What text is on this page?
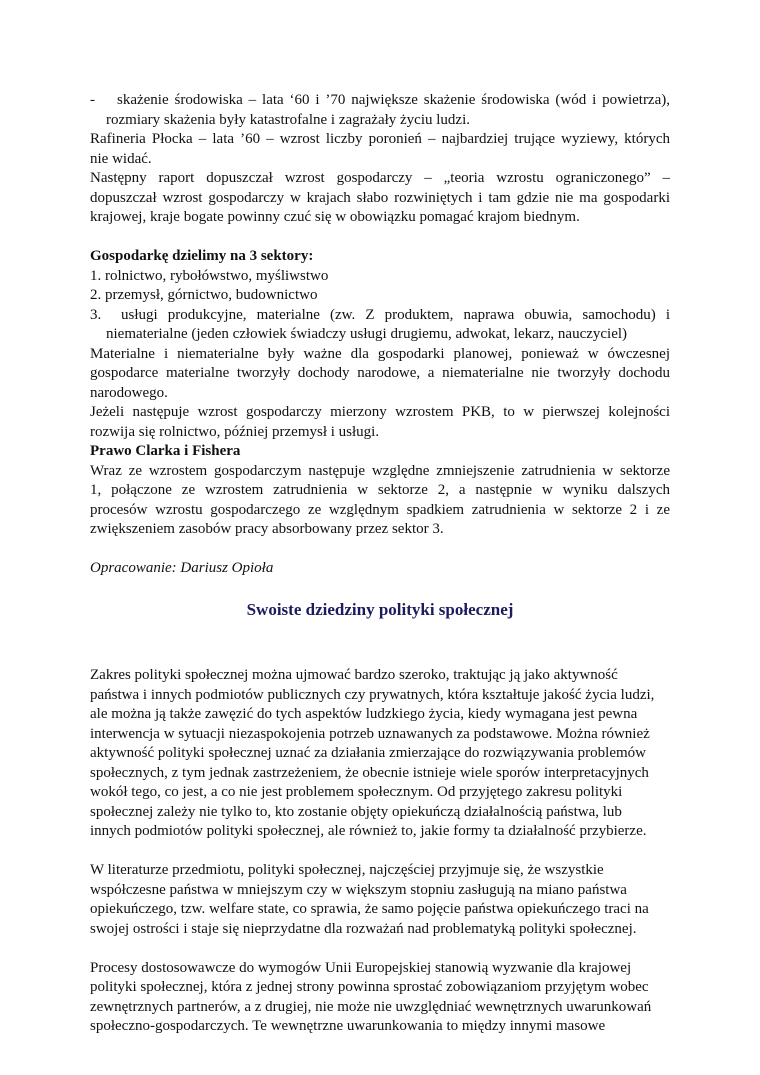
-	skażenie środowiska – lata ‘60 i ’70 największe skażenie środowiska (wód i powietrza),
rozmiary skażenia były katastrofalne i zagrażały życiu ludzi.
Rafineria Płocka – lata ’60 – wzrost liczby poronień – najbardziej trujące wyziewy, których
nie widać.
Następny raport dopuszczał wzrost gospodarczy – „teoria wzrostu ograniczonego” –
dopuszczał wzrost gospodarczy w krajach słabo rozwiniętych i tam gdzie nie ma gospodarki
krajowej, kraje bogate powinny czuć się w obowiązku pomagać krajom biednym.
Gospodarkę dzielimy na 3 sektory:
1. rolnictwo, rybołówstwo, myśliwstwo
2. przemysł, górnictwo, budownictwo
3.	usługi produkcyjne, materialne (zw. Z produktem, naprawa obuwia, samochodu) i
niematerialne (jeden człowiek świadczy usługi drugiemu, adwokat, lekarz, nauczyciel)
Materialne i niematerialne były ważne dla gospodarki planowej, ponieważ w ówczesnej
gospodarce materialne tworzyły dochody narodowe, a niematerialne nie tworzyły dochodu
narodowego.
Jeżeli następuje wzrost gospodarczy mierzony wzrostem PKB, to w pierwszej kolejności
rozwija się rolnictwo, później przemysł i usługi.
Prawo Clarka i Fishera
Wraz ze wzrostem gospodarczym następuje względne zmniejszenie zatrudnienia w sektorze
1, połączone ze wzrostem zatrudnienia w sektorze 2, a następnie w wyniku dalszych
procesów wzrostu gospodarczego ze względnym spadkiem zatrudnienia w sektorze 2 i ze
zwiększeniem zasobów pracy absorbowany przez sektor 3.
Opracowanie: Dariusz Opioła
Swoiste dziedziny polityki społecznej
Zakres polityki społecznej można ujmować bardzo szeroko, traktując ją jako aktywność
państwa i innych podmiotów publicznych czy prywatnych, która kształtuje jakość życia ludzi,
ale można ją także zawęzić do tych aspektów ludzkiego życia, kiedy wymagana jest pewna
interwencja w sytuacji niezaspokojenia potrzeb uznawanych za podstawowe. Można również
aktywność polityki społecznej uznać za działania zmierzające do rozwiązywania problemów
społecznych, z tym jednak zastrzeżeniem, że obecnie istnieje wiele sporów interpretacyjnych
wokół tego, co jest, a co nie jest problemem społecznym. Od przyjętego zakresu polityki
społecznej zależy nie tylko to, kto zostanie objęty opiekuńczą działalnością państwa, lub
innych podmiotów polityki społecznej, ale również to, jakie formy ta działalność przybierze.
W literaturze przedmiotu, polityki społecznej, najczęściej przyjmuje się, że wszystkie
współczesne państwa w mniejszym czy w większym stopniu zasługują na miano państwa
opiekuńczego, tzw. welfare state, co sprawia, że samo pojęcie państwa opiekuńczego traci na
swojej ostrości i staje się nieprzydatne dla rozważań nad problematyką polityki społecznej.
Procesy dostosowawcze do wymogów Unii Europejskiej stanowią wyzwanie dla krajowej
polityki społecznej, która z jednej strony powinna sprostać zobowiązaniom przyjętym wobec
zewnętrznych partnerów, a z drugiej, nie może nie uwzględniać wewnętrznych uwarunkowań
społeczno-gospodarczych. Te wewnętrzne uwarunkowania to między innymi masowe
